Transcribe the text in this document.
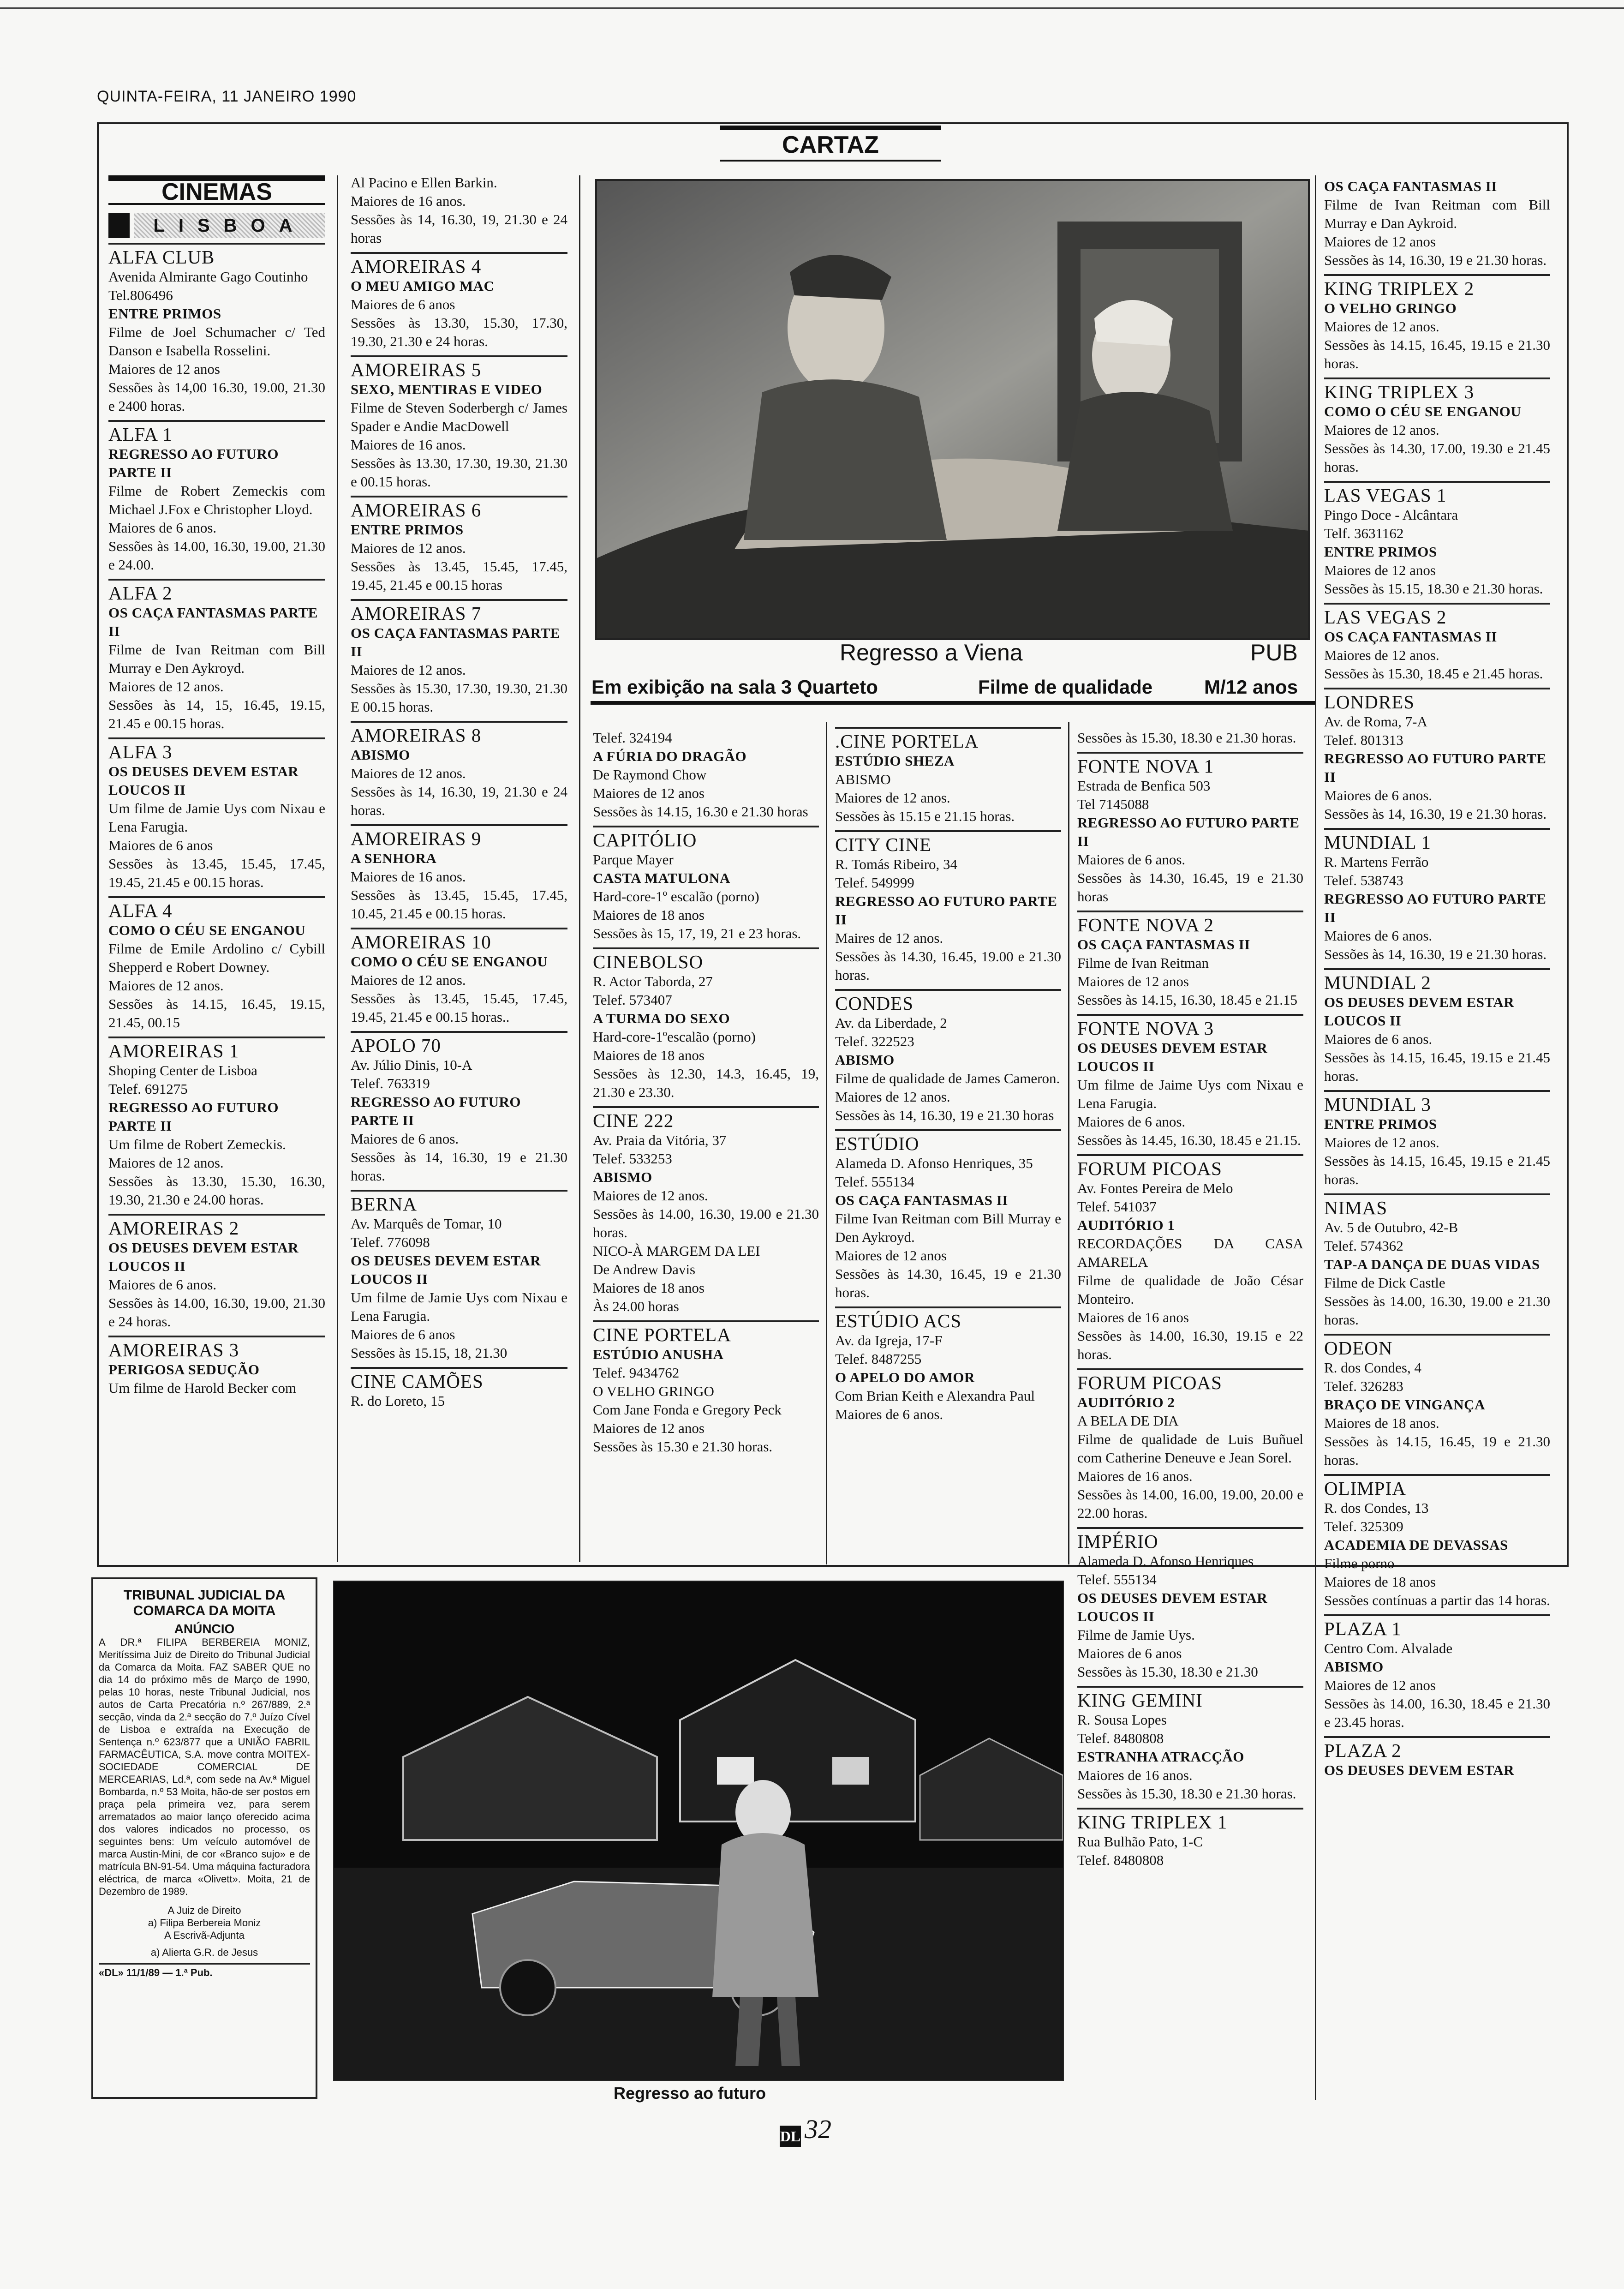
QUINTA-FEIRA, 11 JANEIRO 1990
CARTAZ
CINEMAS
LISBOA
ALFA CLUB
Avenida Almirante Gago Coutinho Tel.806496
ENTRE PRIMOS
Filme de Joel Schumacher c/ Ted Danson e Isabella Rosselini.
Maiores de 12 anos
Sessões às 14,00 16.30, 19.00, 21.30 e 2400 horas.
ALFA 1
REGRESSO AO FUTURO PARTE II
Filme de Robert Zemeckis com Michael J.Fox e Christopher Lloyd.
Maiores de 6 anos.
Sessões às 14.00, 16.30, 19.00, 21.30 e 24.00.
ALFA 2
OS CAÇA FANTASMAS PARTE II
Filme de Ivan Reitman com Bill Murray e Den Aykroyd.
Maiores de 12 anos.
Sessões às 14, 15, 16.45, 19.15, 21.45 e 00.15 horas.
ALFA 3
OS DEUSES DEVEM ESTAR LOUCOS II
Um filme de Jamie Uys com Nixau e Lena Farugia.
Maiores de 6 anos
Sessões às 13.45, 15.45, 17.45, 19.45, 21.45 e 00.15 horas.
ALFA 4
COMO O CÉU SE ENGANOU
Filme de Emile Ardolino c/ Cybill Shepperd e Robert Downey.
Maiores de 12 anos.
Sessões às 14.15, 16.45, 19.15, 21.45, 00.15
AMOREIRAS 1
Shoping Center de Lisboa
Telef. 691275
REGRESSO AO FUTURO PARTE II
Um filme de Robert Zemeckis.
Maiores de 12 anos.
Sessões às 13.30, 15.30, 16.30, 19.30, 21.30 e 24.00 horas.
AMOREIRAS 2
OS DEUSES DEVEM ESTAR LOUCOS II
Maiores de 6 anos.
Sessões às 14.00, 16.30, 19.00, 21.30 e 24 horas.
AMOREIRAS 3
PERIGOSA SEDUÇÃO
Um filme de Harold Becker com
Al Pacino e Ellen Barkin.
Maiores de 16 anos.
Sessões às 14, 16.30, 19, 21.30 e 24 horas
AMOREIRAS 4
O MEU AMIGO MAC
Maiores de 6 anos
Sessões às 13.30, 15.30, 17.30, 19.30, 21.30 e 24 horas.
AMOREIRAS 5
SEXO, MENTIRAS E VIDEO
Filme de Steven Soderbergh c/ James Spader e Andie MacDowell
Maiores de 16 anos.
Sessões às 13.30, 17.30, 19.30, 21.30 e 00.15 horas.
AMOREIRAS 6
ENTRE PRIMOS
Maiores de 12 anos.
Sessões às 13.45, 15.45, 17.45, 19.45, 21.45 e 00.15 horas
AMOREIRAS 7
OS CAÇA FANTASMAS PARTE II
Maiores de 12 anos.
Sessões às 15.30, 17.30, 19.30, 21.30 E 00.15 horas.
AMOREIRAS 8
ABISMO
Maiores de 12 anos.
Sessões às 14, 16.30, 19, 21.30 e 24 horas.
AMOREIRAS 9
A SENHORA
Maiores de 16 anos.
Sessões às 13.45, 15.45, 17.45, 10.45, 21.45 e 00.15 horas.
AMOREIRAS 10
COMO O CÉU SE ENGANOU
Maiores de 12 anos.
Sessões às 13.45, 15.45, 17.45, 19.45, 21.45 e 00.15 horas..
APOLO 70
Av. Júlio Dinis, 10-A
Telef. 763319
REGRESSO AO FUTURO PARTE II
Maiores de 6 anos.
Sessões às 14, 16.30, 19 e 21.30 horas.
BERNA
Av. Marquês de Tomar, 10
Telef. 776098
OS DEUSES DEVEM ESTAR LOUCOS II
Um filme de Jamie Uys com Nixau e Lena Farugia.
Maiores de 6 anos
Sessões às 15.15, 18, 21.30
CINE CAMÕES
R. do Loreto, 15
Regresso a Viena	PUB
Em exibição na sala 3 Quarteto	Filme de qualidade	M/12 anos
Telef. 324194
A FÚRIA DO DRAGÃO
De Raymond Chow
Maiores de 12 anos
Sessões às 14.15, 16.30 e 21.30 horas
CAPITÓLIO
Parque Mayer
CASTA MATULONA
Hard-core-1º escalão (porno)
Maiores de 18 anos
Sessões às 15, 17, 19, 21 e 23 horas.
CINEBOLSO
R. Actor Taborda, 27
Telef. 573407
A TURMA DO SEXO
Hard-core-1ºescalão (porno)
Maiores de 18 anos
Sessões às 12.30, 14.3, 16.45, 19, 21.30 e 23.30.
CINE 222
Av. Praia da Vitória, 37
Telef. 533253
ABISMO
Maiores de 12 anos.
Sessões às 14.00, 16.30, 19.00 e 21.30 horas.
NICO-À MARGEM DA LEI
De Andrew Davis
Maiores de 18 anos
Às 24.00 horas
CINE PORTELA
ESTÚDIO ANUSHA
Telef. 9434762
O VELHO GRINGO
Com Jane Fonda e Gregory Peck
Maiores de 12 anos
Sessões às 15.30 e 21.30 horas.
.CINE PORTELA
ESTÚDIO SHEZA
ABISMO
Maiores de 12 anos.
Sessões às 15.15 e 21.15 horas.
CITY CINE
R. Tomás Ribeiro, 34
Telef. 549999
REGRESSO AO FUTURO PARTE II
Maires de 12 anos.
Sessões às 14.30, 16.45, 19.00 e 21.30 horas.
CONDES
Av. da Liberdade, 2
Telef. 322523
ABISMO
Filme de qualidade de James Cameron.
Maiores de 12 anos.
Sessões às 14, 16.30, 19 e 21.30 horas
ESTÚDIO
Alameda D. Afonso Henriques, 35
Telef. 555134
OS CAÇA FANTASMAS II
Filme Ivan Reitman com Bill Murray e Den Aykroyd.
Maiores de 12 anos
Sessões às 14.30, 16.45, 19 e 21.30 horas.
ESTÚDIO ACS
Av. da Igreja, 17-F
Telef. 8487255
O APELO DO AMOR
Com Brian Keith e Alexandra Paul
Maiores de 6 anos.
Sessões às 15.30, 18.30 e 21.30 horas.
FONTE NOVA 1
Estrada de Benfica 503
Tel 7145088
REGRESSO AO FUTURO PARTE II
Maiores de 6 anos.
Sessões às 14.30, 16.45, 19 e 21.30 horas
FONTE NOVA 2
OS CAÇA FANTASMAS II
Filme de Ivan Reitman
Maiores de 12 anos
Sessões às 14.15, 16.30, 18.45 e 21.15
FONTE NOVA 3
OS DEUSES DEVEM ESTAR LOUCOS II
Um filme de Jaime Uys com Nixau e Lena Farugia.
Maiores de 6 anos.
Sessões às 14.45, 16.30, 18.45 e 21.15.
FORUM PICOAS
Av. Fontes Pereira de Melo
Telef. 541037
AUDITÓRIO 1
RECORDAÇÕES DA CASA AMARELA
Filme de qualidade de João César Monteiro.
Maiores de 16 anos
Sessões às 14.00, 16.30, 19.15 e 22 horas.
FORUM PICOAS
AUDITÓRIO 2
A BELA DE DIA
Filme de qualidade de Luis Buñuel com Catherine Deneuve e Jean Sorel.
Maiores de 16 anos.
Sessões às 14.00, 16.00, 19.00, 20.00 e 22.00 horas.
IMPÉRIO
Alameda D. Afonso Henriques
Telef. 555134
OS DEUSES DEVEM ESTAR LOUCOS II
Filme de Jamie Uys.
Maiores de 6 anos
Sessões às 15.30, 18.30 e 21.30
KING GEMINI
R. Sousa Lopes
Telef. 8480808
ESTRANHA ATRACÇÃO
Maiores de 16 anos.
Sessões às 15.30, 18.30 e 21.30 horas.
KING TRIPLEX 1
Rua Bulhão Pato, 1-C
Telef. 8480808
OS CAÇA FANTASMAS II
Filme de Ivan Reitman com Bill Murray e Dan Aykroid.
Maiores de 12 anos
Sessões às 14, 16.30, 19 e 21.30 horas.
KING TRIPLEX 2
O VELHO GRINGO
Maiores de 12 anos.
Sessões às 14.15, 16.45, 19.15 e 21.30 horas.
KING TRIPLEX 3
COMO O CÉU SE ENGANOU
Maiores de 12 anos.
Sessões às 14.30, 17.00, 19.30 e 21.45 horas.
LAS VEGAS 1
Pingo Doce - Alcântara
Telf. 3631162
ENTRE PRIMOS
Maiores de 12 anos
Sessões às 15.15, 18.30 e 21.30 horas.
LAS VEGAS 2
OS CAÇA FANTASMAS II
Maiores de 12 anos.
Sessões às 15.30, 18.45 e 21.45 horas.
LONDRES
Av. de Roma, 7-A
Telef. 801313
REGRESSO AO FUTURO PARTE II
Maiores de 6 anos.
Sessões às 14, 16.30, 19 e 21.30 horas.
MUNDIAL 1
R. Martens Ferrão
Telef. 538743
REGRESSO AO FUTURO PARTE II
Maiores de 6 anos.
Sessões às 14, 16.30, 19 e 21.30 horas.
MUNDIAL 2
OS DEUSES DEVEM ESTAR LOUCOS II
Maiores de 6 anos.
Sessões às 14.15, 16.45, 19.15 e 21.45 horas.
MUNDIAL 3
ENTRE PRIMOS
Maiores de 12 anos.
Sessões às 14.15, 16.45, 19.15 e 21.45 horas.
NIMAS
Av. 5 de Outubro, 42-B
Telef. 574362
TAP-A DANÇA DE DUAS VIDAS
Filme de Dick Castle
Sessões às 14.00, 16.30, 19.00 e 21.30 horas.
ODEON
R. dos Condes, 4
Telef. 326283
BRAÇO DE VINGANÇA
Maiores de 18 anos.
Sessões às 14.15, 16.45, 19 e 21.30 horas.
OLIMPIA
R. dos Condes, 13
Telef. 325309
ACADEMIA DE DEVASSAS
Filme porno
Maiores de 18 anos
Sessões contínuas a partir das 14 horas.
PLAZA 1
Centro Com. Alvalade
ABISMO
Maiores de 12 anos
Sessões às 14.00, 16.30, 18.45 e 21.30 e 23.45 horas.
PLAZA 2
OS DEUSES DEVEM ESTAR
TRIBUNAL JUDICIAL DA COMARCA DA MOITA
ANÚNCIO
A DR.ª FILIPA BERBEREIA MONIZ, Meritíssima Juiz de Direito do Tribunal Judicial da Comarca da Moita. FAZ SABER QUE no dia 14 do próximo mês de Março de 1990, pelas 10 horas, neste Tribunal Judicial, nos autos de Carta Precatória n.º 267/889, 2.ª secção, vinda da 2.ª secção do 7.º Juízo Cível de Lisboa e extraída na Execução de Sentença n.º 623/877 que a UNIÃO FABRIL FARMACÊUTICA, S.A. move contra MOITEX-SOCIEDADE COMERCIAL DE MERCEARIAS, Ld.ª, com sede na Av.ª Miguel Bombarda, n.º 53 Moita, hão-de ser postos em praça pela primeira vez, para serem arrematados ao maior lanço oferecido acima dos valores indicados no processo, os seguintes bens: Um veículo automóvel de marca Austin-Mini, de cor «Branco sujo» e de matrícula BN-91-54. Uma máquina facturadora eléctrica, de marca «Olivett». Moita, 21 de Dezembro de 1989.
A Juiz de Direito
a) Filipa Berbereia Moniz
A Escrivã-Adjunta
a) Alierta G.R. de Jesus
«DL» 11/1/89 — 1.ª Pub.
Regresso ao futuro
DL 32
